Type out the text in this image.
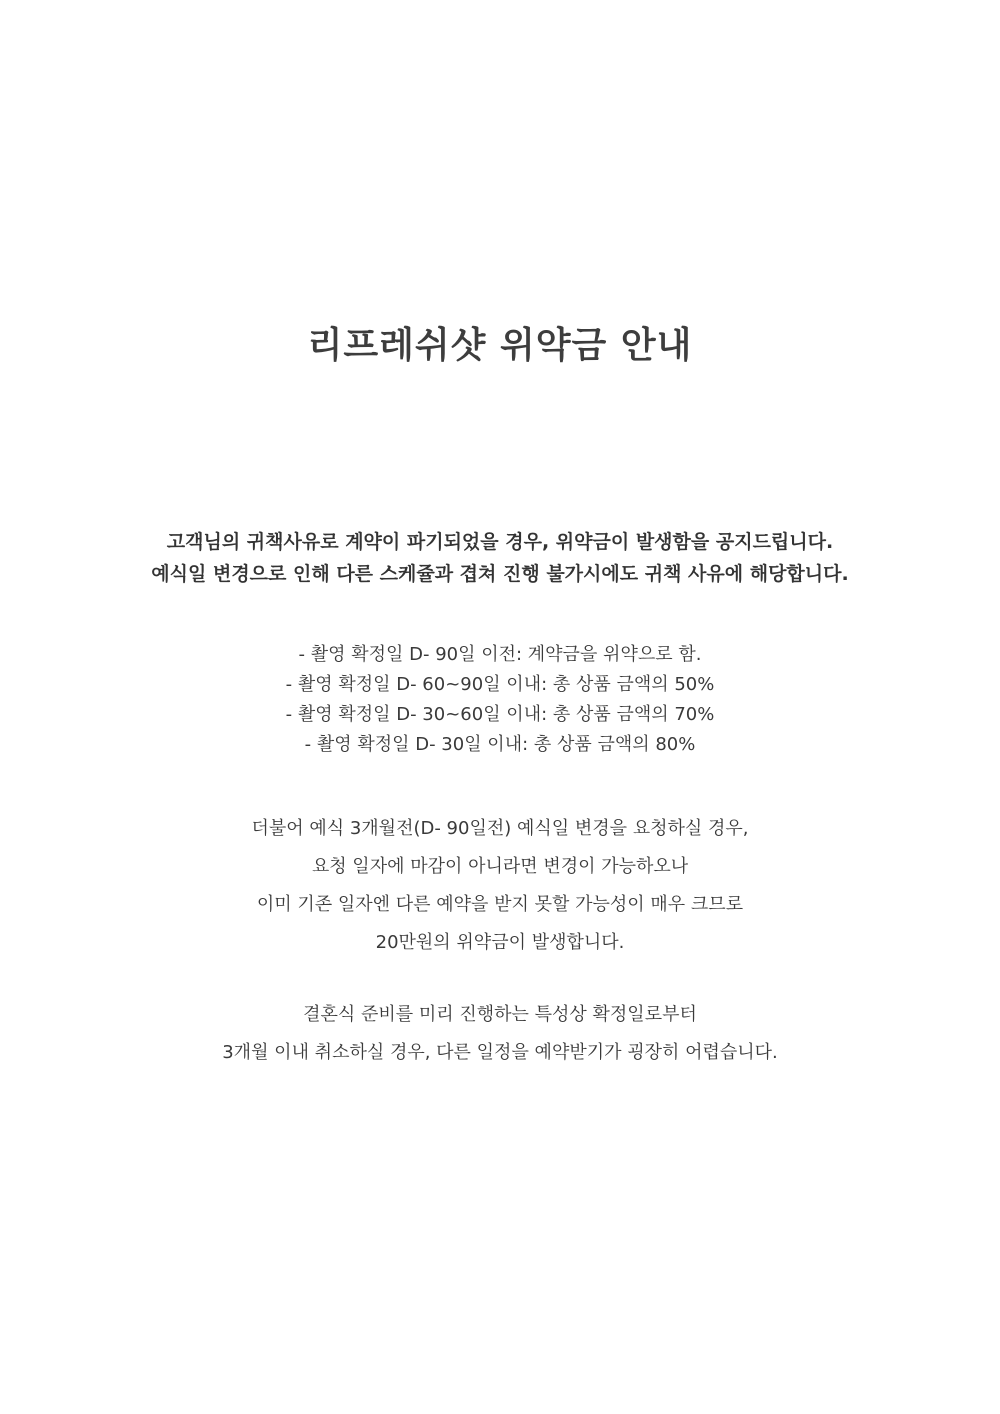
리프레쉬샷 위약금 안내
고객님의 귀책사유로 계약이 파기되었을 경우, 위약금이 발생함을 공지드립니다.
예식일 변경으로 인해 다른 스케쥴과 겹쳐 진행 불가시에도 귀책 사유에 해당합니다.
- 촬영 확정일 D- 90일 이전: 계약금을 위약으로 함.
- 촬영 확정일 D- 60~90일 이내: 총 상품 금액의 50%
- 촬영 확정일 D- 30~60일 이내: 총 상품 금액의 70%
- 촬영 확정일 D- 30일 이내: 총 상품 금액의 80%
더불어 예식 3개월전(D- 90일전) 예식일 변경을 요청하실 경우,
요청 일자에 마감이 아니라면 변경이 가능하오나
이미 기존 일자엔 다른 예약을 받지 못할 가능성이 매우 크므로
20만원의 위약금이 발생합니다.
결혼식 준비를 미리 진행하는 특성상 확정일로부터
3개월 이내 취소하실 경우, 다른 일정을 예약받기가 굉장히 어렵습니다.
